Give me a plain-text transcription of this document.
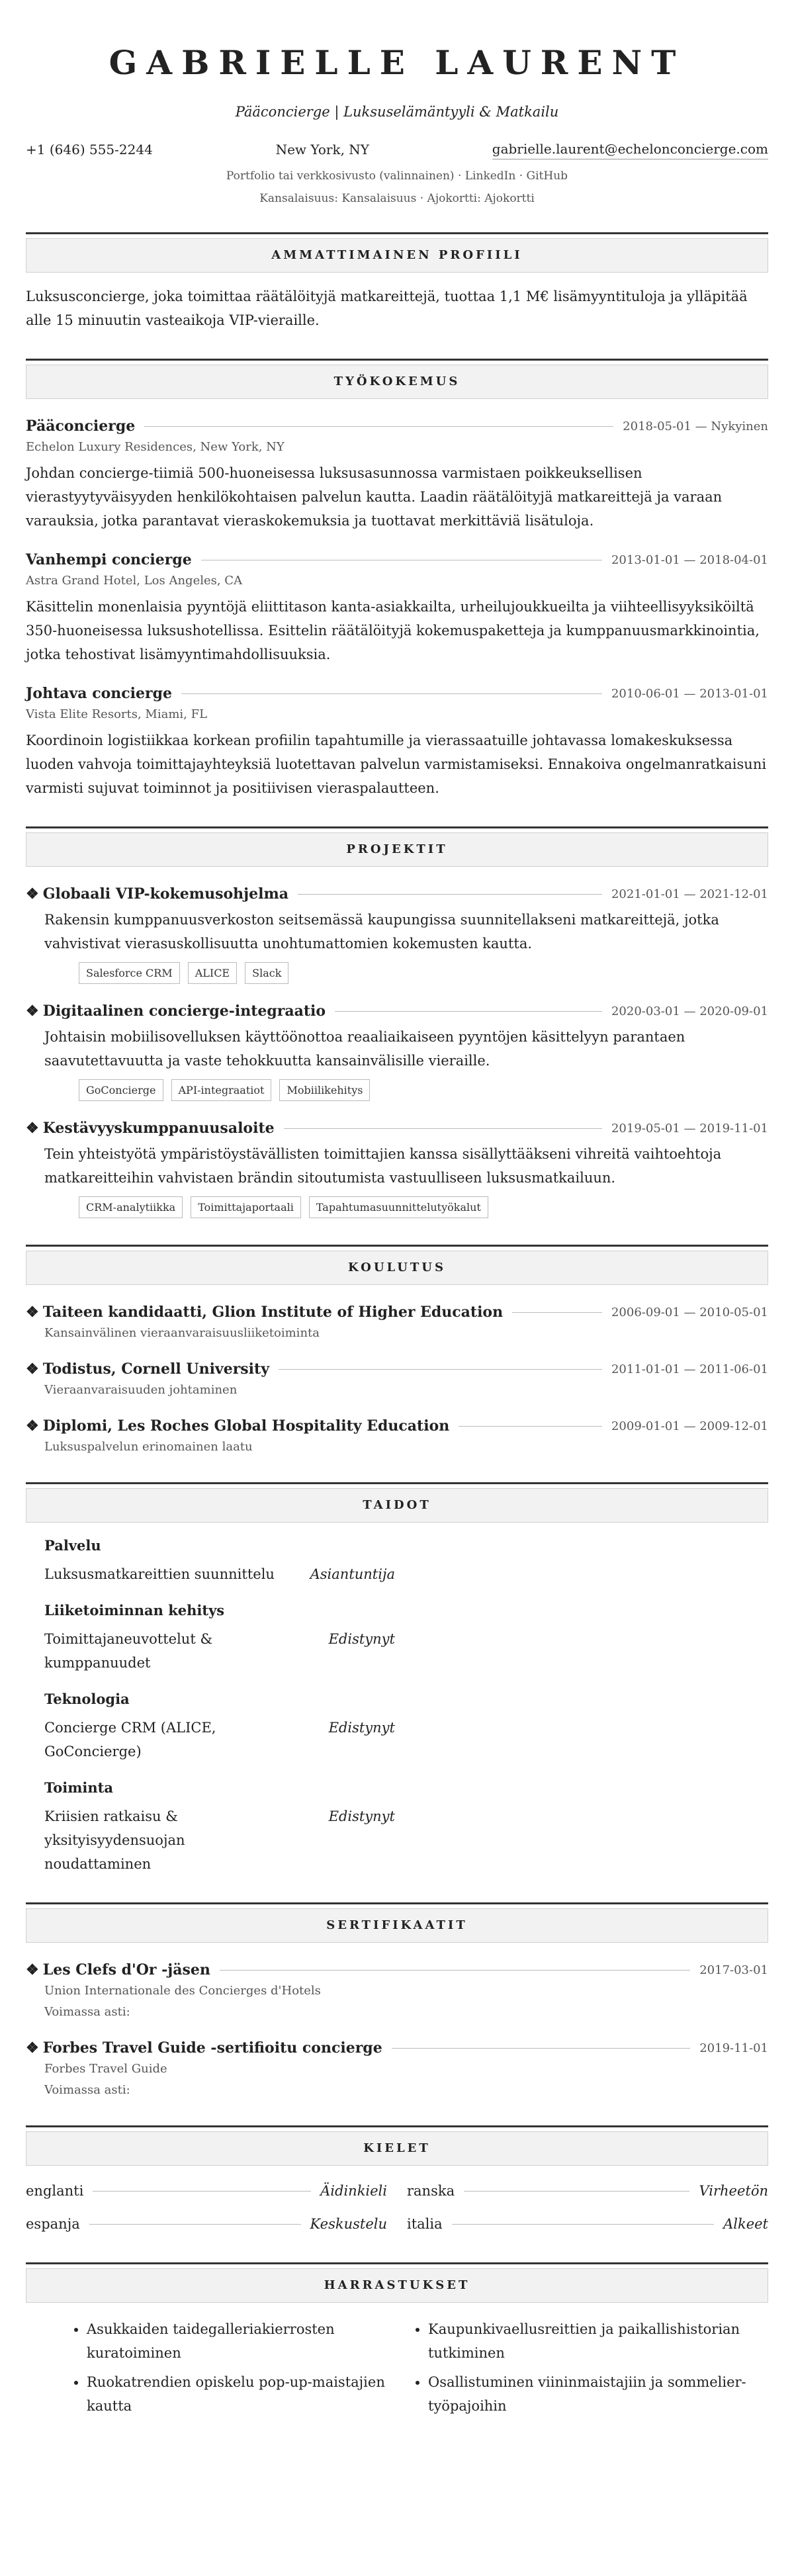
GABRIELLE LAURENT
Pääconcierge | Luksuselämäntyyli & Matkailu
+1 (646) 555-2244	New York, NY	gabrielle.laurent@echelonconcierge.com
Portfolio tai verkkosivusto (valinnainen) · LinkedIn · GitHub
Kansalaisuus: Kansalaisuus · Ajokortti: Ajokortti
AMMATTIMAINEN PROFIILI
Luksusconcierge, joka toimittaa räätälöityjä matkareittejä, tuottaa 1,1 M€ lisämyyntituloja ja ylläpitää alle 15 minuutin vasteaikoja VIP-vieraille.
TYÖKOKEMUS
Pääconcierge	2018-05-01 — Nykyinen
Echelon Luxury Residences, New York, NY
Johdan concierge-tiimiä 500-huoneisessa luksusasunnossa varmistaen poikkeuksellisen vierastyytyväisyyden henkilökohtaisen palvelun kautta. Laadin räätälöityjä matkareittejä ja varaan varauksia, jotka parantavat vieraskokemuksia ja tuottavat merkittäviä lisätuloja.
Vanhempi concierge	2013-01-01 — 2018-04-01
Astra Grand Hotel, Los Angeles, CA
Käsittelin monenlaisia pyyntöjä eliittitason kanta-asiakkailta, urheilujoukkueilta ja viihteellisyyksiköiltä 350-huoneisessa luksushotellissa. Esittelin räätälöityjä kokemuspaketteja ja kumppanuusmarkkinointia, jotka tehostivat lisämyyntimahdollisuuksia.
Johtava concierge	2010-06-01 — 2013-01-01
Vista Elite Resorts, Miami, FL
Koordinoin logistiikkaa korkean profiilin tapahtumille ja vierassaatuille johtavassa lomakeskuksessa luoden vahvoja toimittajayhteyksiä luotettavan palvelun varmistamiseksi. Ennakoiva ongelmanratkaisuni varmisti sujuvat toiminnot ja positiivisen vieraspalautteen.
PROJEKTIT
❖ Globaali VIP-kokemusohjelma	2021-01-01 — 2021-12-01
Rakensin kumppanuusverkoston seitsemässä kaupungissa suunnitellakseni matkareittejä, jotka vahvistivat vierasuskollisuutta unohtumattomien kokemusten kautta.
Salesforce CRM	ALICE	Slack
❖ Digitaalinen concierge-integraatio	2020-03-01 — 2020-09-01
Johtaisin mobiilisovelluksen käyttöönottoa reaaliaikaiseen pyyntöjen käsittelyyn parantaen saavutettavuutta ja vaste tehokkuutta kansainvälisille vieraille.
GoConcierge	API-integraatiot	Mobiilikehitys
❖ Kestävyyskumppanuusaloite	2019-05-01 — 2019-11-01
Tein yhteistyötä ympäristöystävällisten toimittajien kanssa sisällyttääkseni vihreitä vaihtoehtoja matkareitteihin vahvistaen brändin sitoutumista vastuulliseen luksusmatkailuun.
CRM-analytiikka	Toimittajaportaali	Tapahtumasuunnittelutyökalut
KOULUTUS
❖ Taiteen kandidaatti, Glion Institute of Higher Education	2006-09-01 — 2010-05-01
Kansainvälinen vieraanvaraisuusliiketoiminta
❖ Todistus, Cornell University	2011-01-01 — 2011-06-01
Vieraanvaraisuuden johtaminen
❖ Diplomi, Les Roches Global Hospitality Education	2009-01-01 — 2009-12-01
Luksuspalvelun erinomainen laatu
TAIDOT
Palvelu
Luksusmatkareittien suunnittelu	Asiantuntija
Liiketoiminnan kehitys
Toimittajaneuvottelut & kumppanuudet
Edistynyt
Teknologia
Concierge CRM (ALICE, GoConcierge)
Edistynyt
Toiminta
Kriisien ratkaisu & yksityisyydensuojan noudattaminen
Edistynyt
SERTIFIKAATIT
❖ Les Clefs d'Or -jäsen	2017-03-01
Union Internationale des Concierges d'Hotels
Voimassa asti:
❖ Forbes Travel Guide -sertifioitu concierge	2019-11-01
Forbes Travel Guide
Voimassa asti:
KIELET
englanti	Äidinkieli ranska	Virheetön
espanja	Keskustelu italia	Alkeet
HARRASTUKSET
• Asukkaiden taidegalleriakierrosten kuratoiminen
• Ruokatrendien opiskelu pop-up-maistajien kautta
• Kaupunkivaellusreittien ja paikallishistorian tutkiminen
• Osallistuminen viininmaistajiin ja sommelier-työpajoihin
